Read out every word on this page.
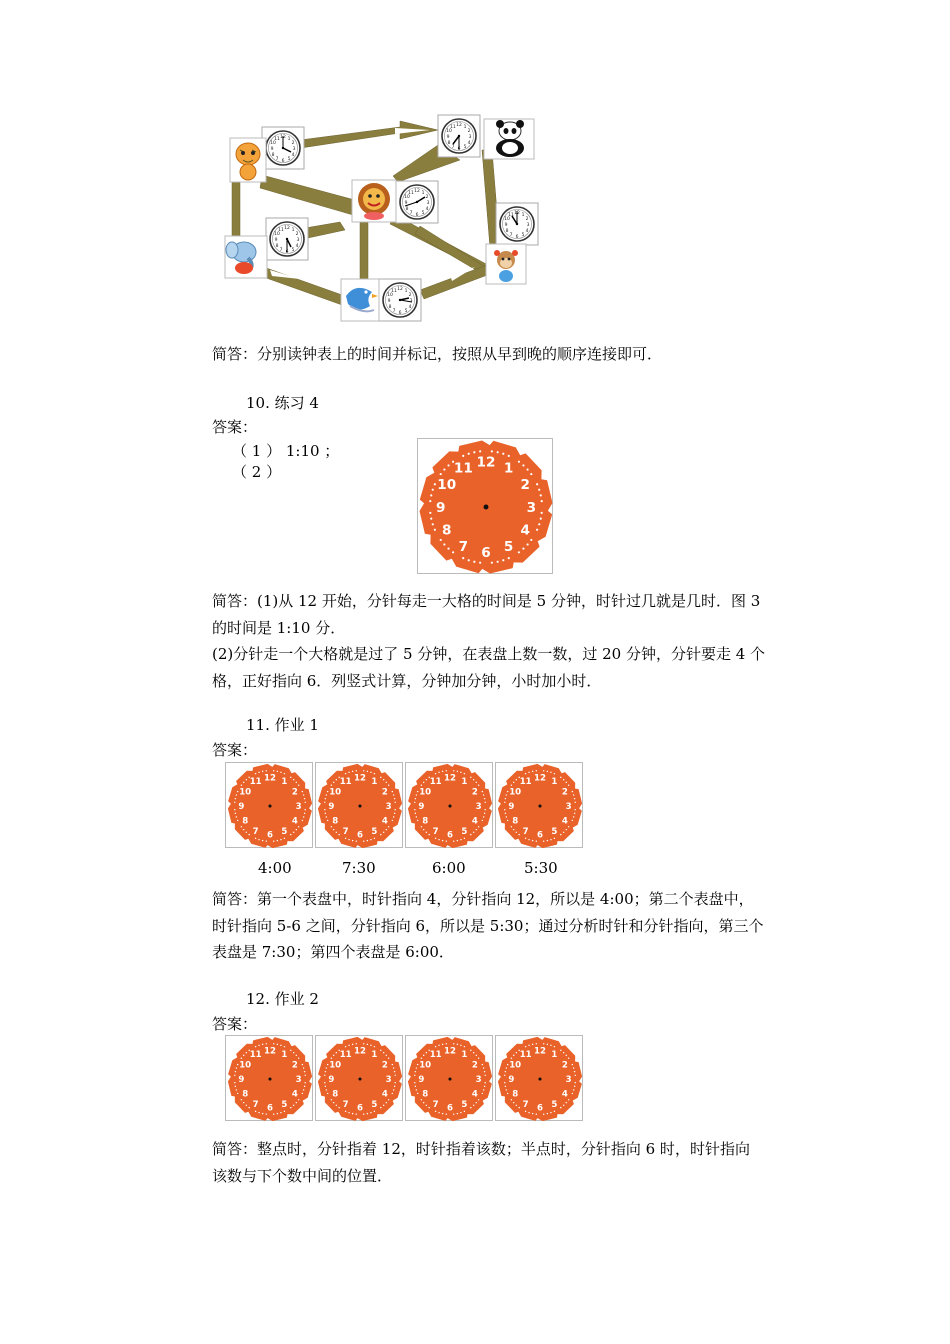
3
4
5
简答：分别读钟表上的时间并标记，按照从早到晚的顺序连接即可．
10. 练习 4
答案：
（ 1 ） 1:10 ；
（ 2 ）	1
2
3
4
5
6
7
8
9
10
11 12
简答：(1)从 12 开始，分针每走一大格的时间是 5 分钟，时针过几就是几时．图 3
的时间是 1:10 分．
(2)分针走一个大格就是过了 5 分钟，在表盘上数一数，过 20 分钟，分针要走 4 个
格，正好指向 6．列竖式计算，分钟加分钟，小时加小时．
11. 作业 1
答案：
1
2
3
4
5
6
7
8
9
10
11 12	1
2
3
4
5
6
7
8
9
10
11 12	1
2
3
4
5
6
7
8
9
10
11 12	1
2
3
4
5
6
7
8
9
10
11 12
4:00	7:30	6:00	5:30
简答：第一个表盘中，时针指向 4，分针指向 12，所以是 4:00；第二个表盘中，
时针指向 5-6 之间，分针指向 6，所以是 5:30；通过分析时针和分针指向，第三个
表盘是 7:30；第四个表盘是 6:00．
12. 作业 2
答案：
1
2
3
4
5
6
7
8
9
10
11 12	1
2
3
4
5
6
7
8
9
10
11 12	1
2
3
4
5
6
7
8
9
10
11 12	1
2
3
4
5
6
7
8
9
10
11 12
简答：整点时，分针指着 12，时针指着该数；半点时，分针指向 6 时，时针指向
该数与下个数中间的位置．
